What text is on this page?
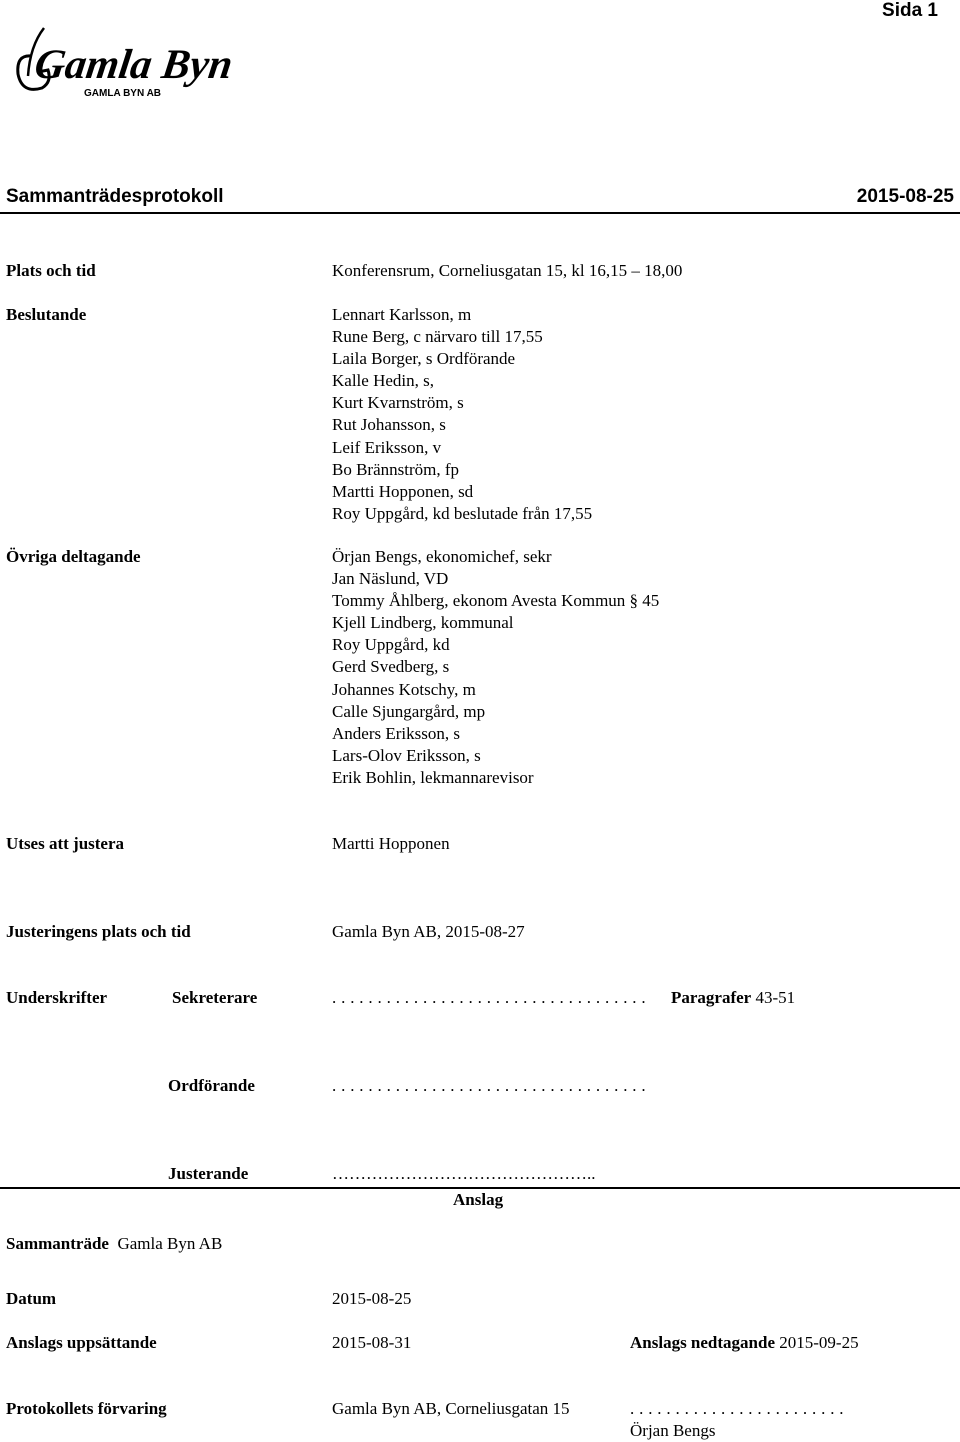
Sida 1
Gamla Byn
GAMLA BYN AB
Sammanträdesprotokoll	2015-08-25
Plats och tid	Konferensrum, Corneliusgatan 15, kl 16,15 – 18,00
Beslutande	Lennart Karlsson, m
Rune Berg, c närvaro till 17,55
Laila Borger, s Ordförande
Kalle Hedin, s,
Kurt Kvarnström, s
Rut Johansson, s
Leif Eriksson, v
Bo Brännström, fp
Martti Hopponen, sd
Roy Uppgård, kd beslutade från 17,55
Övriga deltagande	Örjan Bengs, ekonomichef, sekr
Jan Näslund, VD
Tommy Åhlberg, ekonom Avesta Kommun § 45
Kjell Lindberg, kommunal
Roy Uppgård, kd
Gerd Svedberg, s
Johannes Kotschy, m
Calle Sjungargård, mp
Anders Eriksson, s
Lars-Olov Eriksson, s
Erik Bohlin, lekmannarevisor
Utses att justera	Martti Hopponen
Justeringens plats och tid	Gamla Byn AB, 2015-08-27
Underskrifter	Sekreterare	. . . . . . . . . . . . . . . . . . . . . . . . . . . . . . . . . . . Paragrafer 43-51
Ordförande	. . . . . . . . . . . . . . . . . . . . . . . . . . . . . . . . . . .
Justerande	………………………………………..
Anslag
Sammanträde Gamla Byn AB
Datum	2015-08-25
Anslags uppsättande	2015-08-31	Anslags nedtagande 2015-09-25
Protokollets förvaring	Gamla Byn AB, Corneliusgatan 15	. . . . . . . . . . . . . . . . . . . . . . . .
Örjan Bengs
